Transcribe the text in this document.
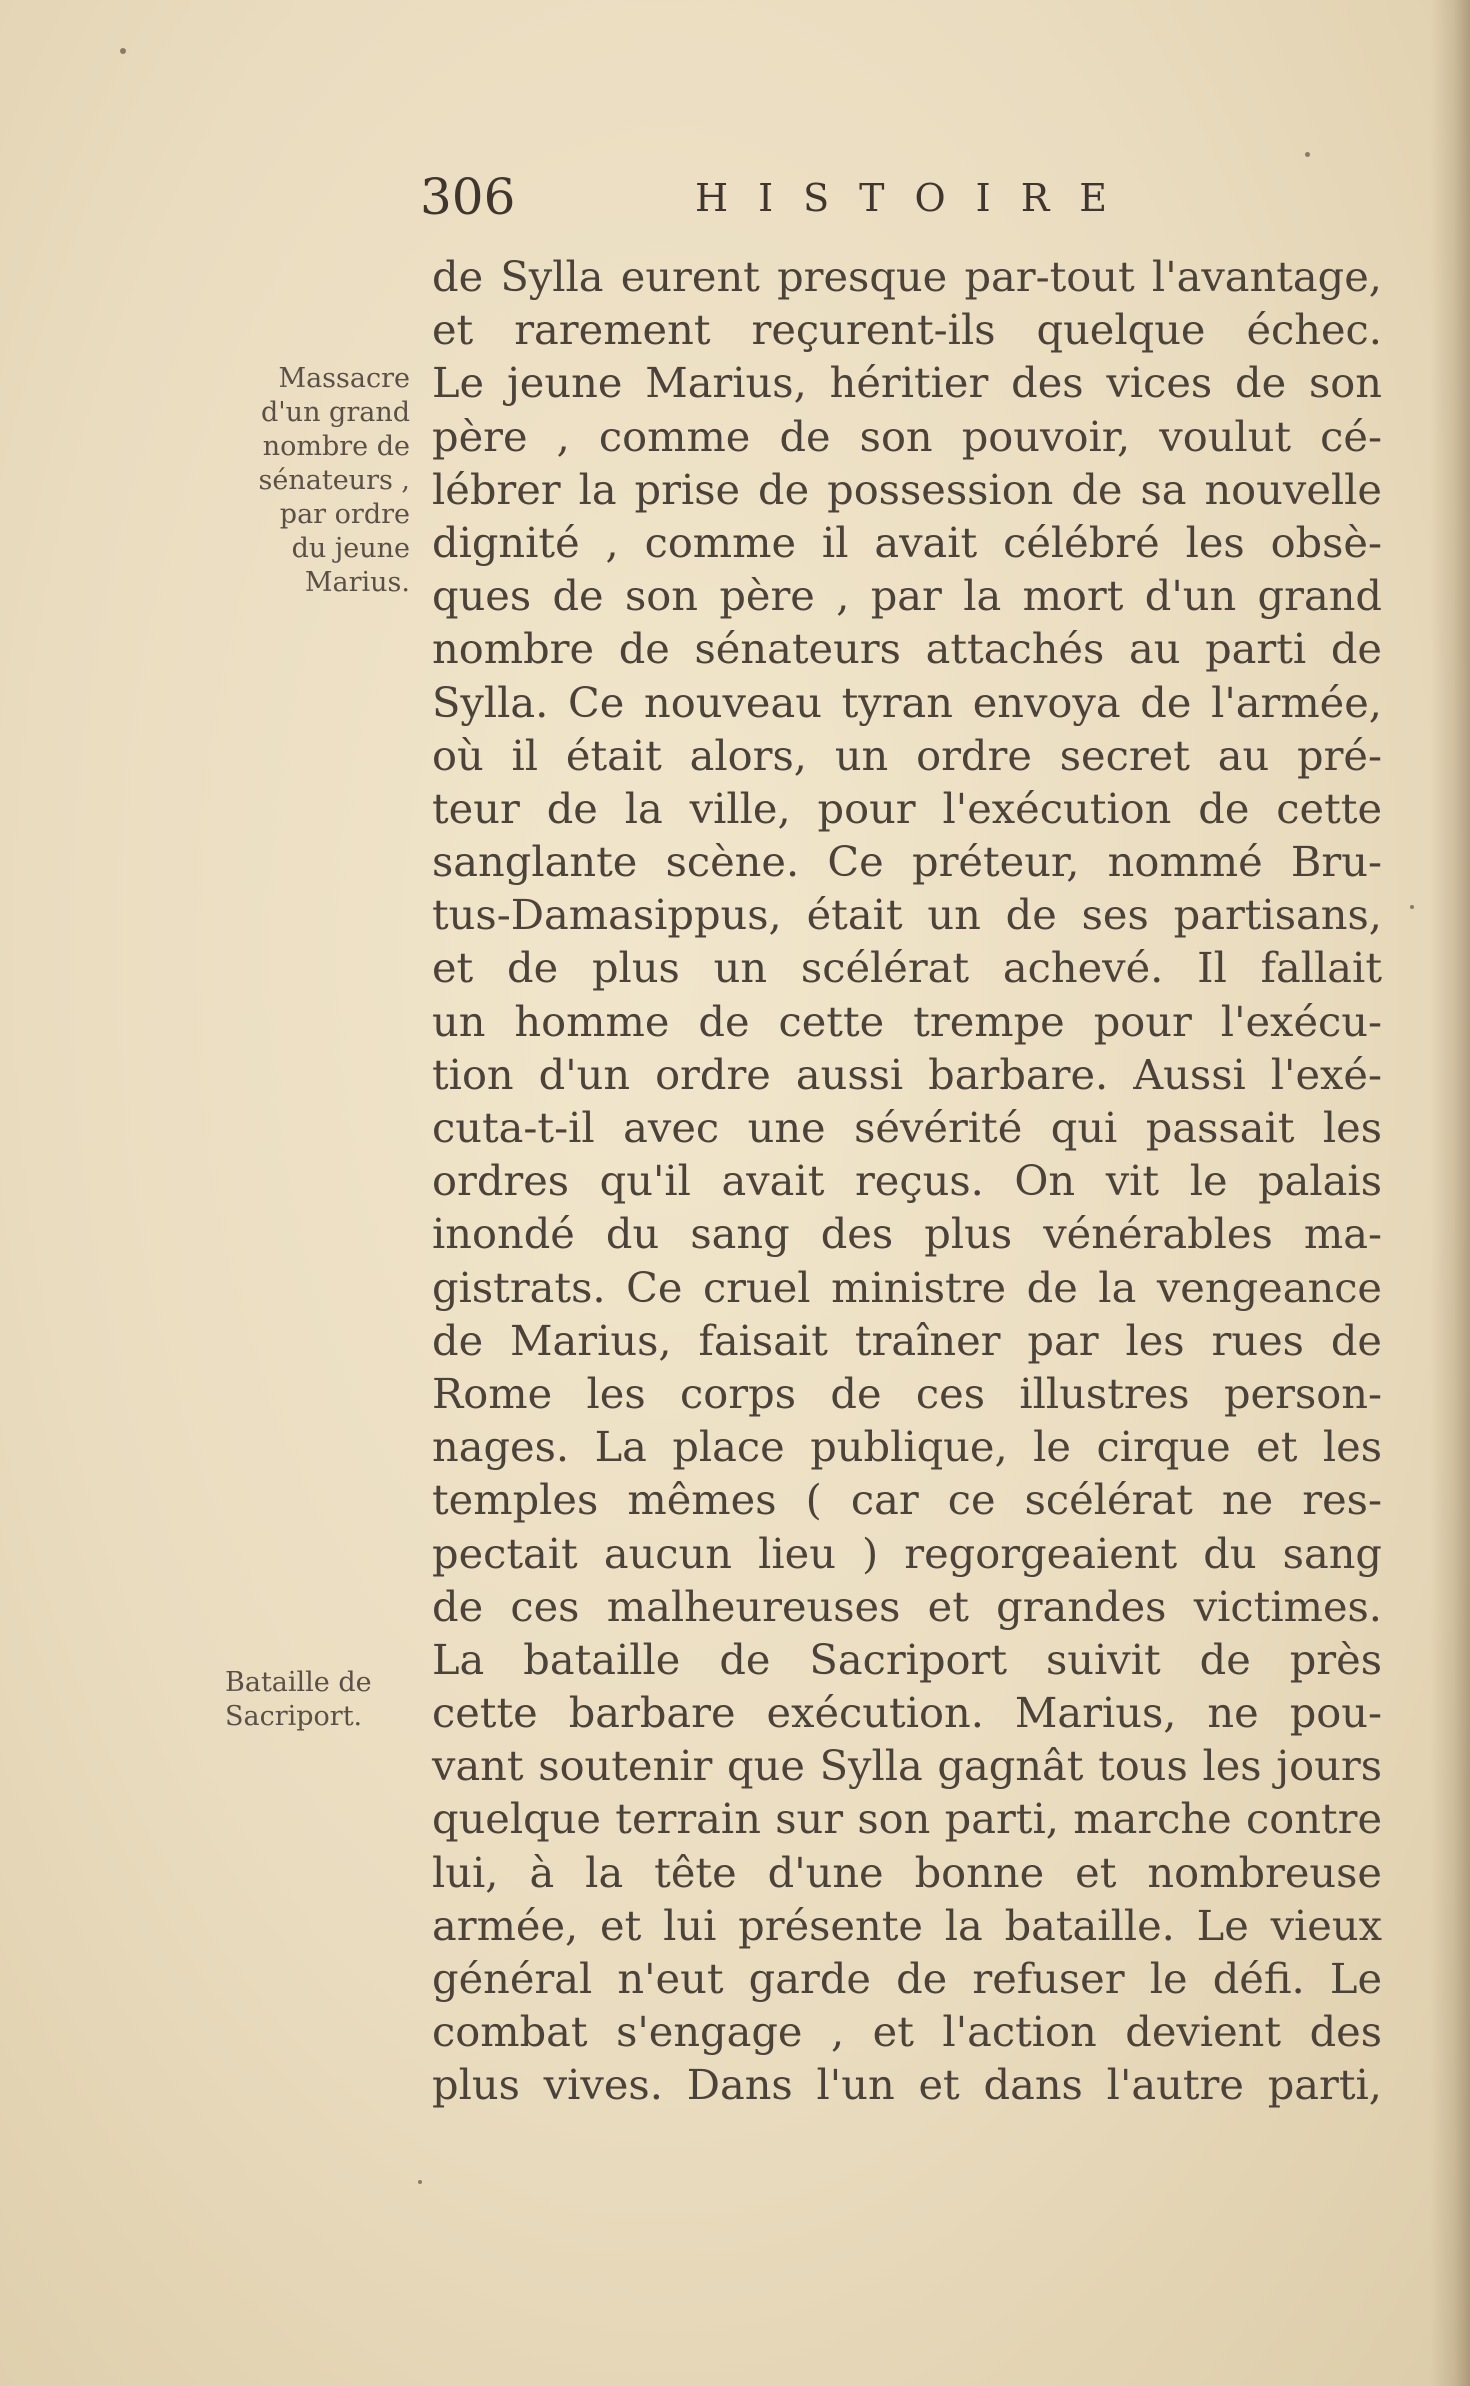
306	HISTOIRE
Massacre
d'un grand
nombre de
sénateurs ,
par ordre
du jeune
Marius.
Bataille de
Sacriport.
de Sylla eurent presque par-tout l'avantage,
et rarement reçurent-ils quelque échec.
Le jeune Marius, héritier des vices de son
père , comme de son pouvoir, voulut cé-
lébrer la prise de possession de sa nouvelle
dignité , comme il avait célébré les obsè-
ques de son père , par la mort d'un grand
nombre de sénateurs attachés au parti de
Sylla. Ce nouveau tyran envoya de l'armée,
où il était alors, un ordre secret au pré-
teur de la ville, pour l'exécution de cette
sanglante scène. Ce préteur, nommé Bru-
tus-Damasippus, était un de ses partisans,
et de plus un scélérat achevé. Il fallait
un homme de cette trempe pour l'exécu-
tion d'un ordre aussi barbare. Aussi l'exé-
cuta-t-il avec une sévérité qui passait les
ordres qu'il avait reçus. On vit le palais
inondé du sang des plus vénérables ma-
gistrats. Ce cruel ministre de la vengeance
de Marius, faisait traîner par les rues de
Rome les corps de ces illustres person-
nages. La place publique, le cirque et les
temples mêmes ( car ce scélérat ne res-
pectait aucun lieu ) regorgeaient du sang
de ces malheureuses et grandes victimes.
La bataille de Sacriport suivit de près
cette barbare exécution. Marius, ne pou-
vant soutenir que Sylla gagnât tous les jours
quelque terrain sur son parti, marche contre
lui, à la tête d'une bonne et nombreuse
armée, et lui présente la bataille. Le vieux
général n'eut garde de refuser le défi. Le
combat s'engage , et l'action devient des
plus vives. Dans l'un et dans l'autre parti,
